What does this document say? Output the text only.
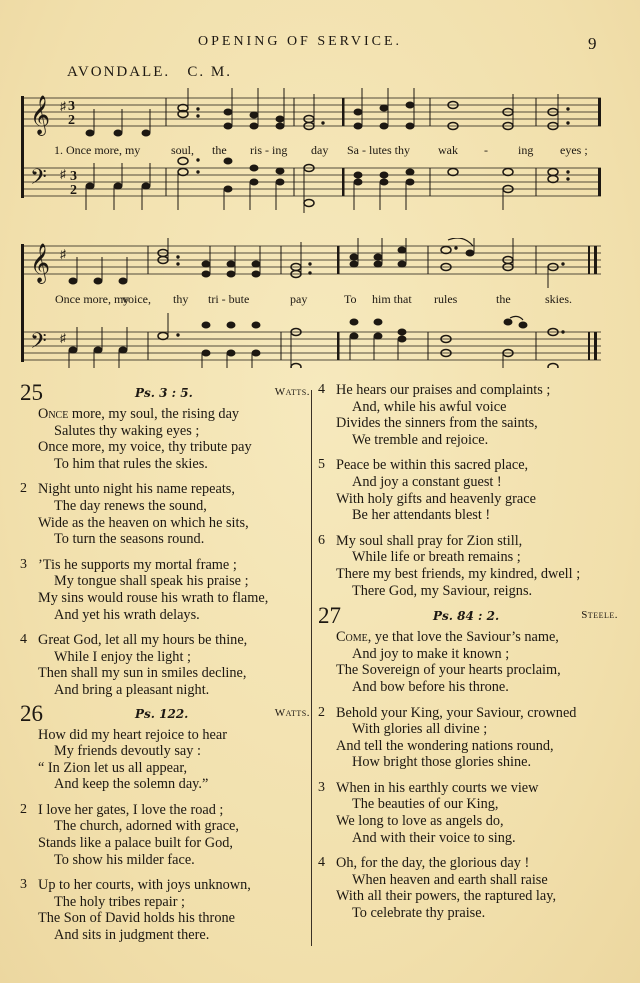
OPENING OF SERVICE.	9
AVONDALE. C. M.
𝄞 ♯ 3
2
𝄢 ♯ 3
2
1. Once more, my	soul, the ris - ing day Sa - lutes thy wak -	ing eyes ;
𝄞 ♯
𝄢 ♯
Once more, my
voice, thy tri - bute	pay	To him that rules	the	skies.
25	Ps. 3 : 5.	Watts.
Once more, my soul, the rising day
Salutes thy waking eyes ;
Once more, my voice, thy tribute pay
To him that rules the skies.
2 Night unto night his name repeats,
The day renews the sound,
Wide as the heaven on which he sits,
To turn the seasons round.
3 ’Tis he supports my mortal frame ;
My tongue shall speak his praise ;
My sins would rouse his wrath to flame,
And yet his wrath delays.
4 Great God, let all my hours be thine,
While I enjoy the light ;
Then shall my sun in smiles decline,
And bring a pleasant night.
26	Ps. 122.	Watts.
How did my heart rejoice to hear
My friends devoutly say :
“ In Zion let us all appear,
And keep the solemn day.”
2 I love her gates, I love the road ;
The church, adorned with grace,
Stands like a palace built for God,
To show his milder face.
3 Up to her courts, with joys unknown,
The holy tribes repair ;
The Son of David holds his throne
And sits in judgment there.
4 He hears our praises and complaints ;
And, while his awful voice
Divides the sinners from the saints,
We tremble and rejoice.
5 Peace be within this sacred place,
And joy a constant guest !
With holy gifts and heavenly grace
Be her attendants blest !
6 My soul shall pray for Zion still,
While life or breath remains ;
There my best friends, my kindred, dwell ;
There God, my Saviour, reigns.
27	Ps. 84 : 2.	Steele.
Come, ye that love the Saviour’s name,
And joy to make it known ;
The Sovereign of your hearts proclaim,
And bow before his throne.
2 Behold your King, your Saviour, crowned
With glories all divine ;
And tell the wondering nations round,
How bright those glories shine.
3 When in his earthly courts we view
The beauties of our King,
We long to love as angels do,
And with their voice to sing.
4 Oh, for the day, the glorious day !
When heaven and earth shall raise
With all their powers, the raptured lay,
To celebrate thy praise.
